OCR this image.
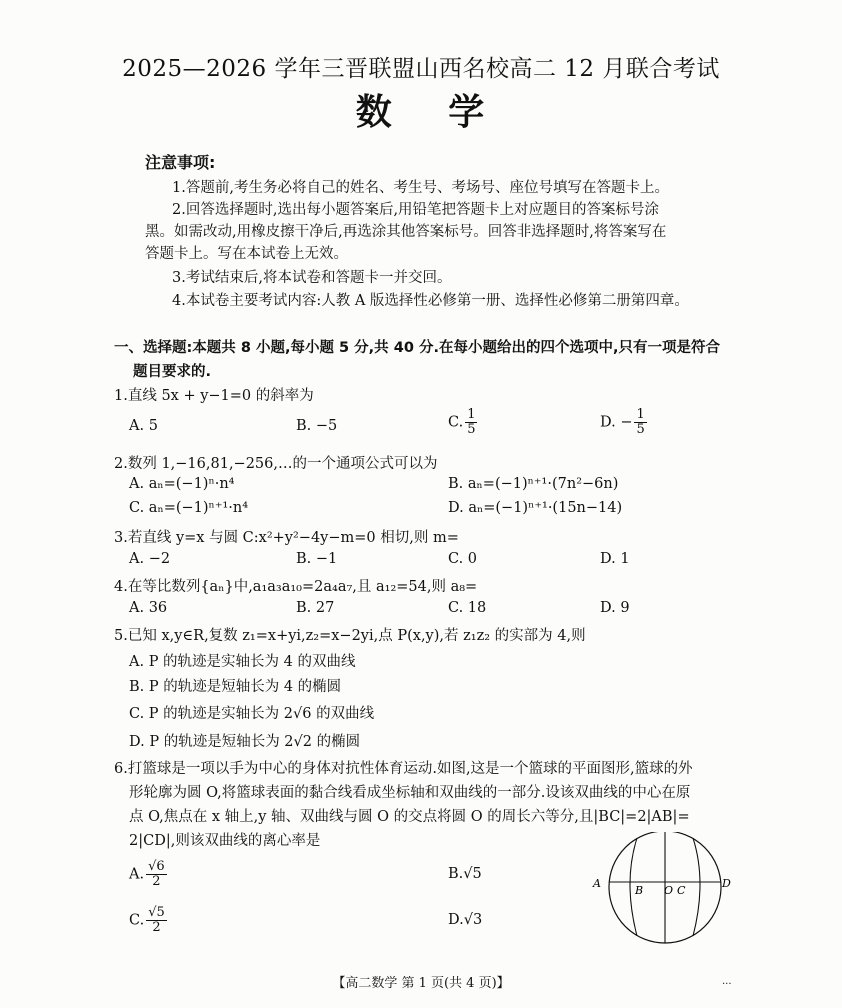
2025—2026 学年三晋联盟山西名校高二 12 月联合考试
数 学
注意事项:
1.答题前,考生务必将自己的姓名、考生号、考场号、座位号填写在答题卡上。
2.回答选择题时,选出每小题答案后,用铅笔把答题卡上对应题目的答案标号涂
黑。如需改动,用橡皮擦干净后,再选涂其他答案标号。回答非选择题时,将答案写在
答题卡上。写在本试卷上无效。
3.考试结束后,将本试卷和答题卡一并交回。
4.本试卷主要考试内容:人教 A 版选择性必修第一册、选择性必修第二册第四章。
一、选择题:本题共 8 小题,每小题 5 分,共 40 分.在每小题给出的四个选项中,只有一项是符合
题目要求的.
1.直线 5x + y−1=0 的斜率为
A. 5	B. −5	C. $\frac{1}{5}$	D. − $\frac{1}{5}$
2.数列 1,−16,81,−256,…的一个通项公式可以为
A. aₙ=(−1)ⁿ·n⁴	B. aₙ=(−1)ⁿ⁺¹·(7n²−6n)
C. aₙ=(−1)ⁿ⁺¹·n⁴	D. aₙ=(−1)ⁿ⁺¹·(15n−14)
3.若直线 y=x 与圆 C:x²+y²−4y−m=0 相切,则 m=
A. −2	B. −1	C. 0	D. 1
4.在等比数列{aₙ}中,a₁a₃a₁₀=2a₄a₇,且 a₁₂=54,则 a₈=
A. 36	B. 27	C. 18	D. 9
5.已知 x,y∈R,复数 z₁=x+yi,z₂=x−2yi,点 P(x,y),若 z₁z₂ 的实部为 4,则
A. P 的轨迹是实轴长为 4 的双曲线
B. P 的轨迹是短轴长为 4 的椭圆
C. P 的轨迹是实轴长为 2√6 的双曲线
D. P 的轨迹是短轴长为 2√2 的椭圆
6.打篮球是一项以手为中心的身体对抗性体育运动.如图,这是一个篮球的平面图形,篮球的外
形轮廓为圆 O,将篮球表面的黏合线看成坐标轴和双曲线的一部分.设该双曲线的中心在原
点 O,焦点在 x 轴上,y 轴、双曲线与圆 O 的交点将圆 O 的周长六等分,且|BC|=2|AB|=
2|CD|,则该双曲线的离心率是
A. $\frac{√6}{2}$	B.√5
C. $\frac{√5}{2}$	D.√3
A
B O C
D
【高二数学 第 1 页(共 4 页)】	...
